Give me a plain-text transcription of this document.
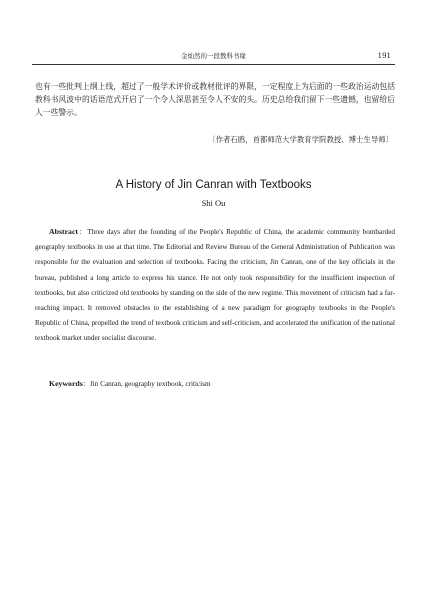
金灿然的一段教科书缘	191

也有一些批判上纲上线，超过了一般学术评价或教材批评的界限，一定程度上为后面的一些政治运动包括教科书风波中的话语范式开启了一个令人深思甚至令人不安的头。历史总给我们留下一些遗憾，也留给后人一些警示。

〔作者石鸥，首都师范大学教育学院教授、博士生导师〕
A History of Jin Canran with Textbooks
Shi Ou

Abstract：Three days after the founding of the People's Republic of China, the academic community bombarded geography textbooks in use at that time. The Editorial and Review Bureau of the General Administration of Publication was responsible for the evaluation and selection of textbooks. Facing the criticism, Jin Canran, one of the key officials in the bureau, published a long article to express his stance. He not only took responsibility for the insufficient inspection of textbooks, but also criticized old textbooks by standing on the side of the new regime. This movement of criticism had a far-reaching impact. It removed obstacles to the establishing of a new paradigm for geography textbooks in the People's Republic of China, propelled the trend of textbook criticism and self-criticism, and accelerated the unification of the national textbook market under socialist discourse.

Keywords：Jin Canran, geography textbook, criticism
